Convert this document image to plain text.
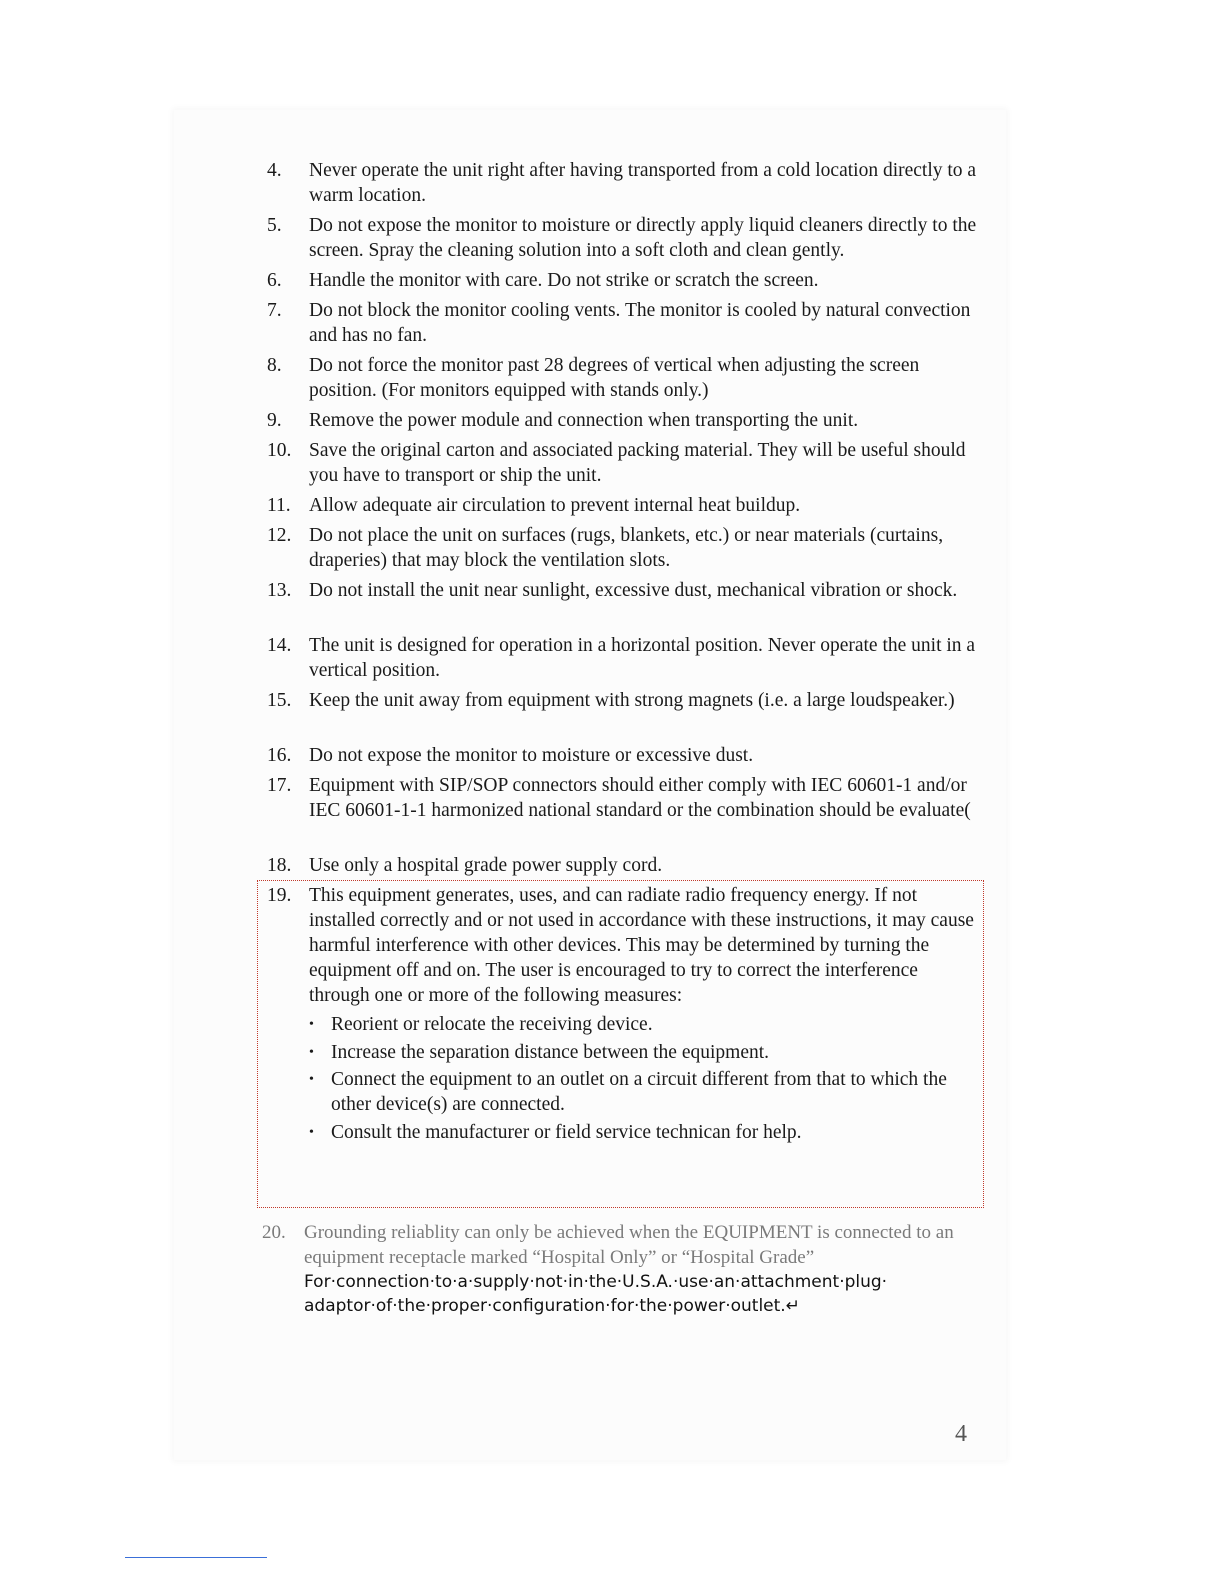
4. Never operate the unit right after having transported from a cold location directly to a warm location.
5. Do not expose the monitor to moisture or directly apply liquid cleaners directly to the screen. Spray the cleaning solution into a soft cloth and clean gently.
6. Handle the monitor with care. Do not strike or scratch the screen.
7. Do not block the monitor cooling vents. The monitor is cooled by natural convection and has no fan.
8. Do not force the monitor past 28 degrees of vertical when adjusting the screen position. (For monitors equipped with stands only.)
9. Remove the power module and connection when transporting the unit.
10. Save the original carton and associated packing material. They will be useful should you have to transport or ship the unit.
11. Allow adequate air circulation to prevent internal heat buildup.
12. Do not place the unit on surfaces (rugs, blankets, etc.) or near materials (curtains, draperies) that may block the ventilation slots.
13. Do not install the unit near sunlight, excessive dust, mechanical vibration or shock.
14. The unit is designed for operation in a horizontal position. Never operate the unit in a vertical position.
15. Keep the unit away from equipment with strong magnets (i.e. a large loudspeaker.)
16. Do not expose the monitor to moisture or excessive dust.
17. Equipment with SIP/SOP connectors should either comply with IEC 60601-1 and/or IEC 60601-1-1 harmonized national standard or the combination should be evaluate(
18. Use only a hospital grade power supply cord.
19. This equipment generates, uses, and can radiate radio frequency energy. If not installed correctly and or not used in accordance with these instructions, it may cause harmful interference with other devices. This may be determined by turning the equipment off and on. The user is encouraged to try to correct the interference through one or more of the following measures:
• Reorient or relocate the receiving device.
• Increase the separation distance between the equipment.
• Connect the equipment to an outlet on a circuit different from that to which the other device(s) are connected.
• Consult the manufacturer or field service technican for help.
20. Grounding reliablity can only be achieved when the EQUIPMENT is connected to an equipment receptacle marked “Hospital Only” or “Hospital Grade”
For·connection·to·a·supply·not·in·the·U.S.A.·use·an·attachment·plug·
adaptor·of·the·proper·configuration·for·the·power·outlet.↵
4
